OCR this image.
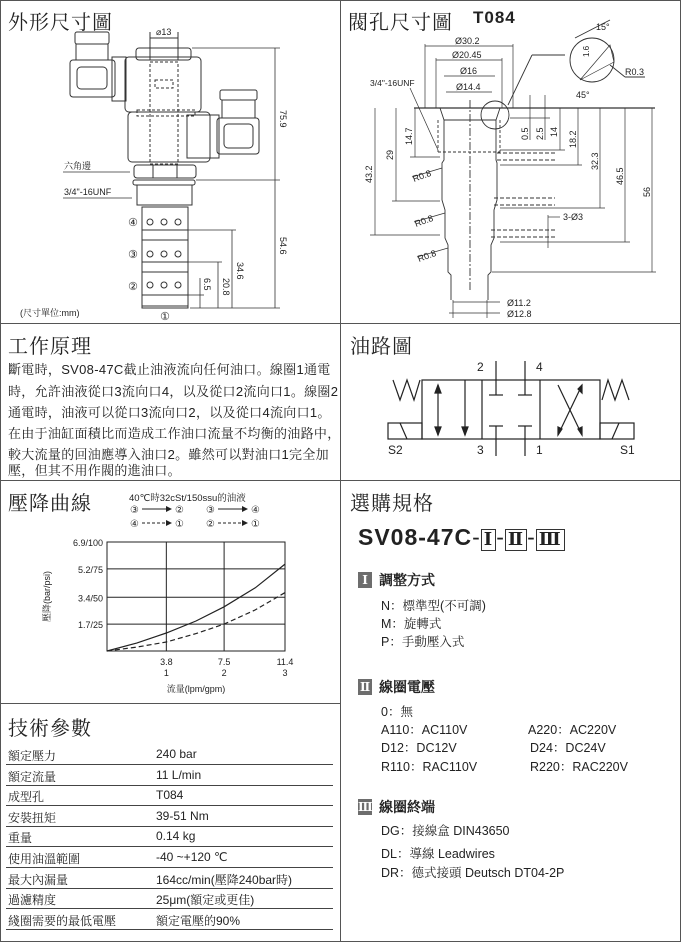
外形尺寸圖	⌀13
六角邊
3/4"-16UNF
75.9
54.6
34.6
20.8
6.5
④
③
②
①
(尺寸單位:mm)
閥孔尺寸圖 T084
Ø30.2
Ø20.45
Ø16
Ø14.4
3/4"-16UNF
43.2
29
14.7	0.5 2.5 14 18.2
32.3
46.5
56
R0.8
R0.8
R0.8
3-Ø3
Ø11.2
Ø12.8
15°
1.6
R0.3
45°
工作原理
斷電時，SV08-47C截止油液流向任何油口。線圈1通電
時，允許油液從口3流向口4，以及從口2流向口1。線圈2
通電時，油液可以從口3流向口2，以及從口4流向口1。
在由于油缸面積比而造成工作油口流量不均衡的油路中，
較大流量的回油應導入油口2。雖然可以對油口1完全加
壓，但其不用作閥的進油口。
油路圖
2	4
S2	3	1	S1
壓降曲線	40℃時32cSt/150ssu的油液
③	② ③	④
④	① ②	①
3.8
1
7.5
2
11.4
3
1.7/25
3.4/50
5.2/75
6.9/100
流量(lpm/gpm)
壓降(bar/psi)
技術參數
額定壓力	240 bar
額定流量	11 L/min
成型孔	T084
安裝扭矩	39-51 Nm
重量	0.14 kg
使用油溫範圍	-40 ~+120 ℃
最大內漏量	164cc/min(壓降240bar時)
過濾精度	25μm(額定或更佳)
綫圈需要的最低電壓	額定電壓的90%
選購規格
SV08-47C- Ⅰ - Ⅱ - Ⅲ
Ⅰ 調整方式
N：標準型(不可調)
M：旋轉式
P：手動壓入式
Ⅱ 線圈電壓
0：無
A110：AC110V	A220：AC220V
D12：DC12V	D24：DC24V
R110：RAC110V	R220：RAC220V
Ⅲ 線圈終端
DG：接線盒 DIN43650
DL：導線 Leadwires
DR：德式接頭 Deutsch DT04-2P
